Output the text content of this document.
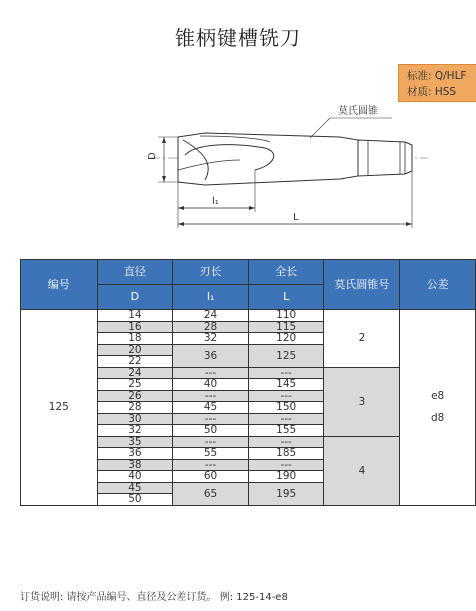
锥柄键槽铣刀
标准: Q/HLF
材质: HSS
D
l₁
L
莫氏圆锥
编号	直径	刃长	全长	莫氏圆锥号	公差
	D	l₁	L		
125	14	24	110	2	e8
d8

	16	28	115		
	18	32	120		
	20	36	125		
	22				
	24	---	---	3	
	25	40	145		
	26	---	---		
	28	45	150		
	30	---	---		
	32	50	155		
	35	---	---	4	
	36	55	185		
	38	---	---		
	40	60	190		
	45	65	195		
	50				
订货说明: 请按产品编号、直径及公差订货。 例: 125-14-e8
